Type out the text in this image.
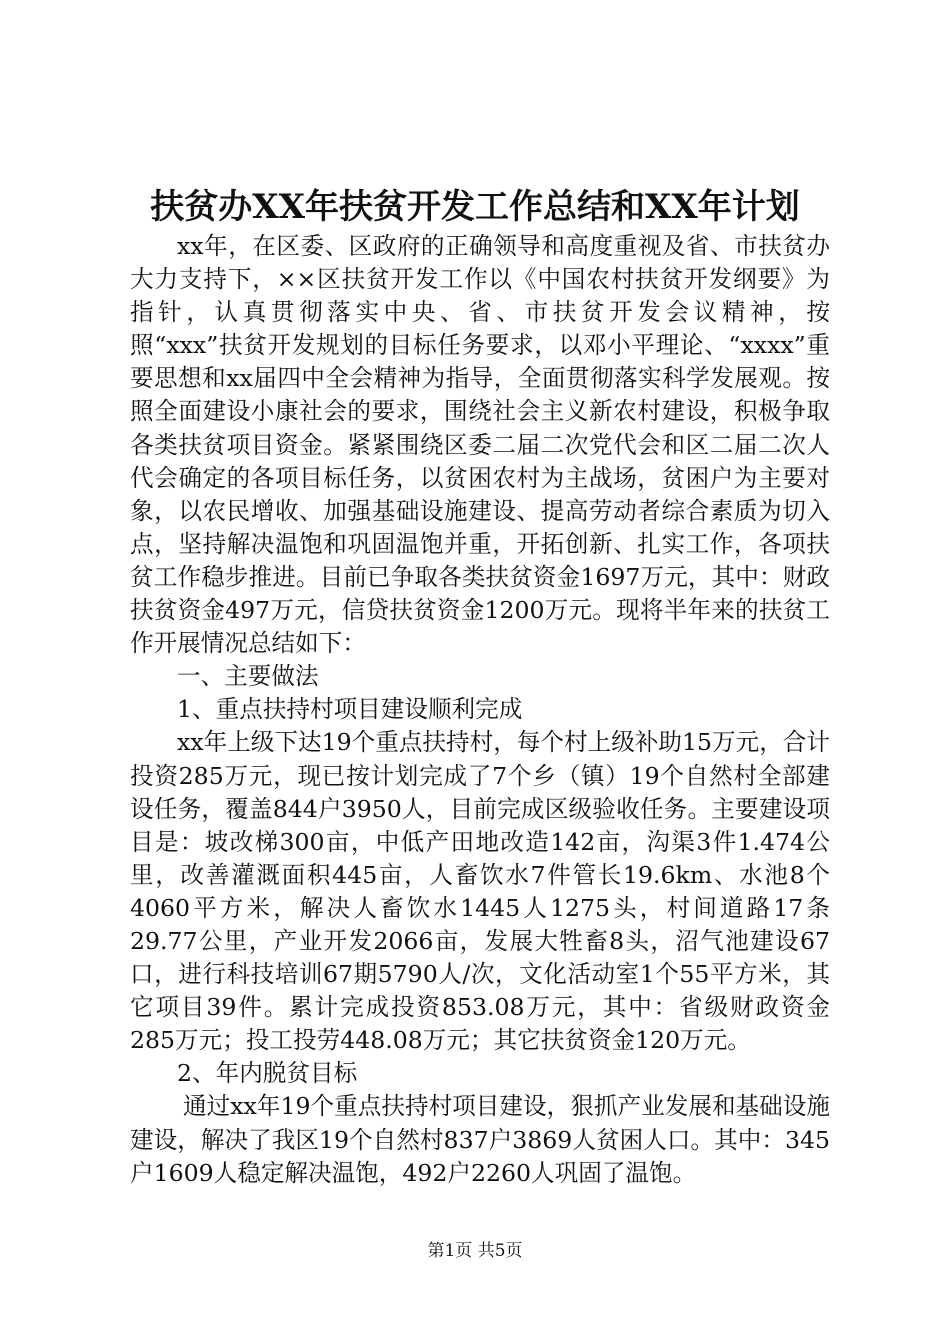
扶贫办XX年扶贫开发工作总结和XX年计划

xx年，在区委、区政府的正确领导和高度重视及省、市扶贫办大力支持下，××区扶贫开发工作以《中国农村扶贫开发纲要》为指针，认真贯彻落实中央、省、市扶贫开发会议精神，按照“xxx”扶贫开发规划的目标任务要求，以邓小平理论、“xxxx”重要思想和xx届四中全会精神为指导，全面贯彻落实科学发展观。按照全面建设小康社会的要求，围绕社会主义新农村建设，积极争取各类扶贫项目资金。紧紧围绕区委二届二次党代会和区二届二次人代会确定的各项目标任务，以贫困农村为主战场，贫困户为主要对象，以农民增收、加强基础设施建设、提高劳动者综合素质为切入点，坚持解决温饱和巩固温饱并重，开拓创新、扎实工作，各项扶贫工作稳步推进。目前已争取各类扶贫资金1697万元，其中：财政扶贫资金497万元，信贷扶贫资金1200万元。现将半年来的扶贫工作开展情况总结如下：

一、主要做法

1、重点扶持村项目建设顺利完成

xx年上级下达19个重点扶持村，每个村上级补助15万元，合计投资285万元，现已按计划完成了7个乡（镇）19个自然村全部建设任务，覆盖844户3950人，目前完成区级验收任务。主要建设项目是：坡改梯300亩，中低产田地改造142亩，沟渠3件1.474公里，改善灌溉面积445亩，人畜饮水7件管长19.6km、水池8个4060平方米，解决人畜饮水1445人1275头，村间道路17条29.77公里，产业开发2066亩，发展大牲畜8头，沼气池建设67口，进行科技培训67期5790人/次，文化活动室1个55平方米，其它项目39件。累计完成投资853.08万元，其中：省级财政资金285万元；投工投劳448.08万元；其它扶贫资金120万元。

2、年内脱贫目标

通过xx年19个重点扶持村项目建设，狠抓产业发展和基础设施建设，解决了我区19个自然村837户3869人贫困人口。其中：345户1609人稳定解决温饱，492户2260人巩固了温饱。

第1页 共5页
